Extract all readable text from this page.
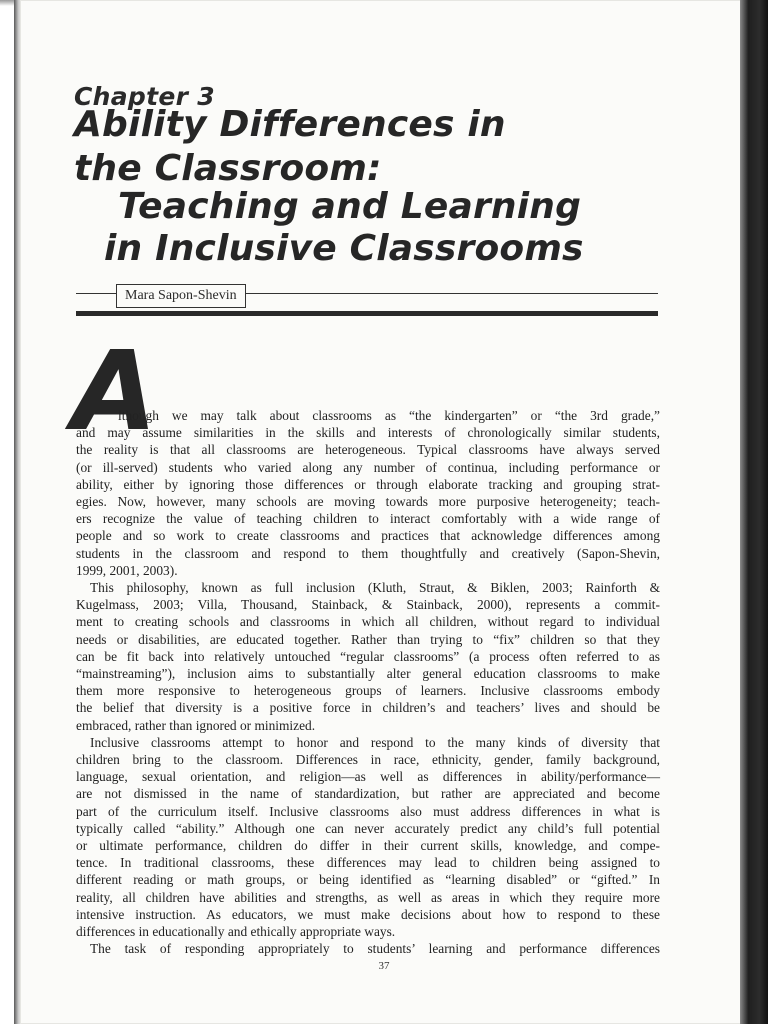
Chapter 3
Ability Differences in
the Classroom:
Teaching and Learning
in Inclusive Classrooms
Mara Sapon-Shevin
A
lthough we may talk about classrooms as “the kindergarten” or “the 3rd grade,”
and may assume similarities in the skills and interests of chronologically similar students,
the reality is that all classrooms are heterogeneous. Typical classrooms have always served
(or ill-served) students who varied along any number of continua, including performance or
ability, either by ignoring those differences or through elaborate tracking and grouping strat-
egies. Now, however, many schools are moving towards more purposive heterogeneity; teach-
ers recognize the value of teaching children to interact comfortably with a wide range of
people and so work to create classrooms and practices that acknowledge differences among
students in the classroom and respond to them thoughtfully and creatively (Sapon-Shevin,
1999, 2001, 2003).
This philosophy, known as full inclusion (Kluth, Straut, & Biklen, 2003; Rainforth &
Kugelmass, 2003; Villa, Thousand, Stainback, & Stainback, 2000), represents a commit-
ment to creating schools and classrooms in which all children, without regard to individual
needs or disabilities, are educated together. Rather than trying to “fix” children so that they
can be fit back into relatively untouched “regular classrooms” (a process often referred to as
“mainstreaming”), inclusion aims to substantially alter general education classrooms to make
them more responsive to heterogeneous groups of learners. Inclusive classrooms embody
the belief that diversity is a positive force in children’s and teachers’ lives and should be
embraced, rather than ignored or minimized.
Inclusive classrooms attempt to honor and respond to the many kinds of diversity that
children bring to the classroom. Differences in race, ethnicity, gender, family background,
language, sexual orientation, and religion—as well as differences in ability/performance—
are not dismissed in the name of standardization, but rather are appreciated and become
part of the curriculum itself. Inclusive classrooms also must address differences in what is
typically called “ability.” Although one can never accurately predict any child’s full potential
or ultimate performance, children do differ in their current skills, knowledge, and compe-
tence. In traditional classrooms, these differences may lead to children being assigned to
different reading or math groups, or being identified as “learning disabled” or “gifted.” In
reality, all children have abilities and strengths, as well as areas in which they require more
intensive instruction. As educators, we must make decisions about how to respond to these
differences in educationally and ethically appropriate ways.
The task of responding appropriately to students’ learning and performance differences
37
